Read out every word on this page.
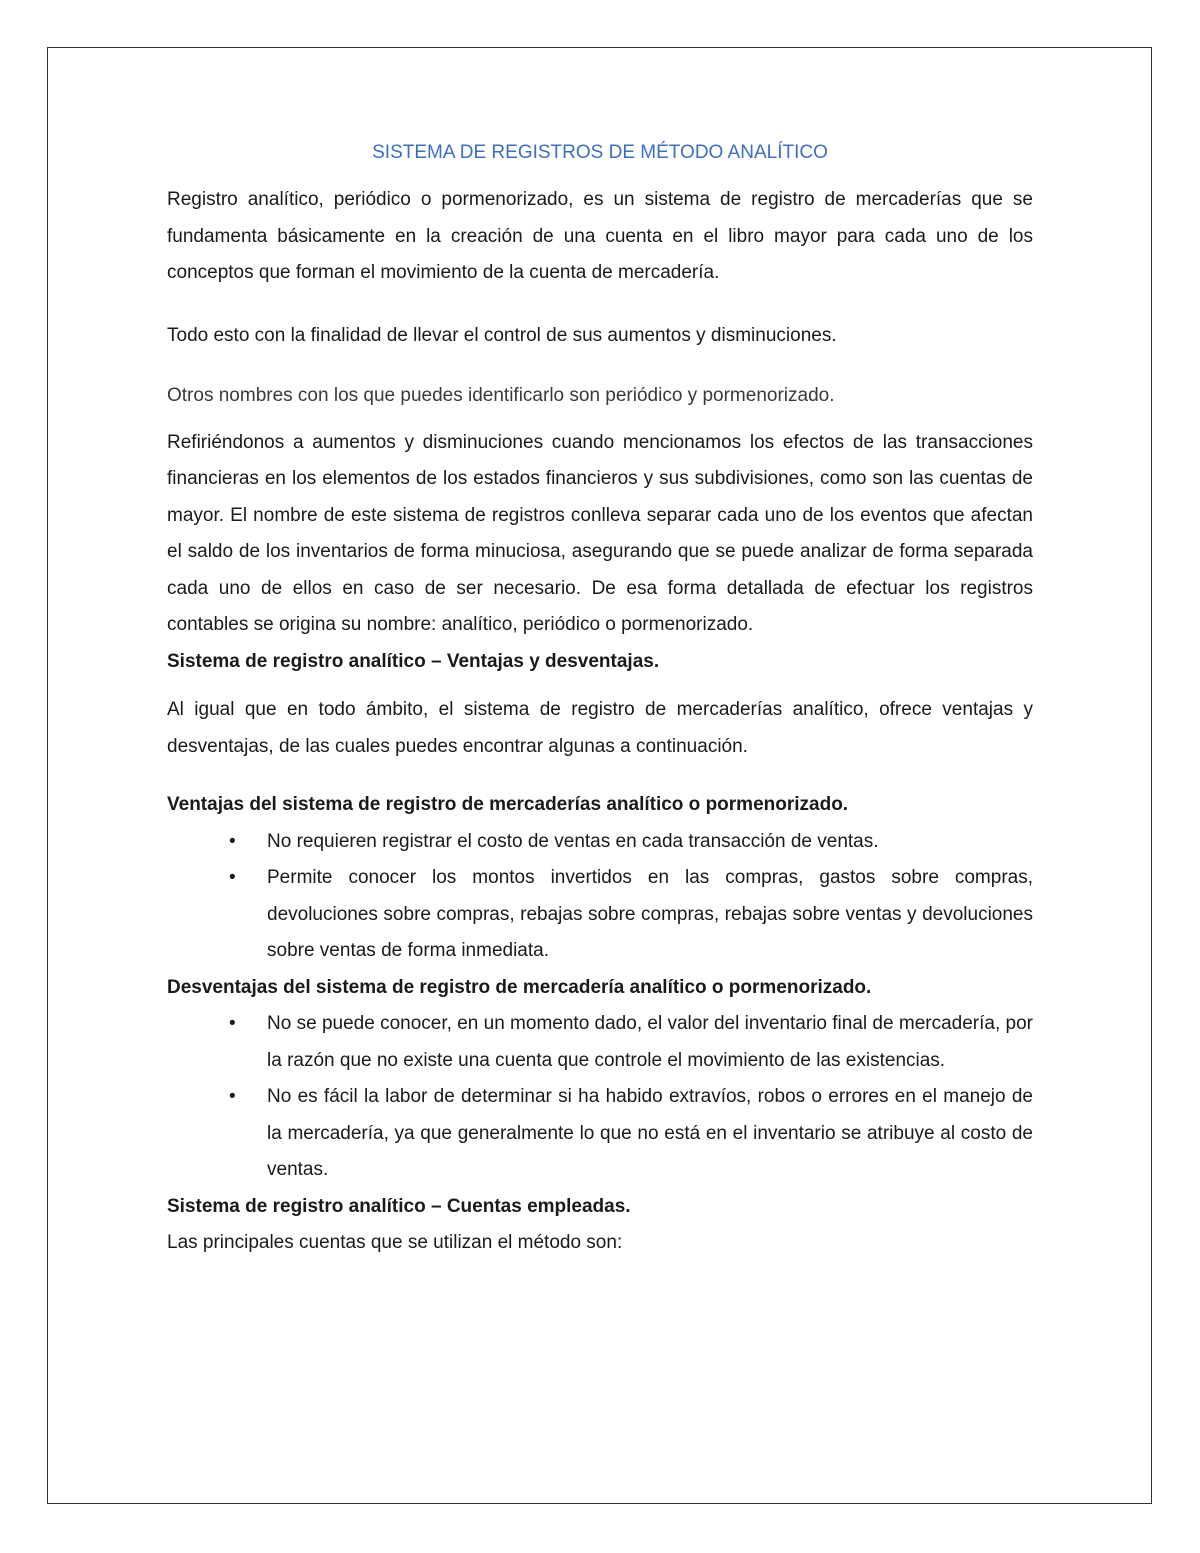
SISTEMA DE REGISTROS DE MÉTODO ANALÍTICO

Registro analítico, periódico o pormenorizado, es un sistema de registro de mercaderías que se fundamenta básicamente en la creación de una cuenta en el libro mayor para cada uno de los conceptos que forman el movimiento de la cuenta de mercadería.

Todo esto con la finalidad de llevar el control de sus aumentos y disminuciones.

Otros nombres con los que puedes identificarlo son periódico y pormenorizado.

Refiriéndonos a aumentos y disminuciones cuando mencionamos los efectos de las transacciones financieras en los elementos de los estados financieros y sus subdivisiones, como son las cuentas de mayor. El nombre de este sistema de registros conlleva separar cada uno de los eventos que afectan el saldo de los inventarios de forma minuciosa, asegurando que se puede analizar de forma separada cada uno de ellos en caso de ser necesario. De esa forma detallada de efectuar los registros contables se origina su nombre: analítico, periódico o pormenorizado.

Sistema de registro analítico – Ventajas y desventajas.

Al igual que en todo ámbito, el sistema de registro de mercaderías analítico, ofrece ventajas y desventajas, de las cuales puedes encontrar algunas a continuación.

Ventajas del sistema de registro de mercaderías analítico o pormenorizado.
• No requieren registrar el costo de ventas en cada transacción de ventas.
• Permite conocer los montos invertidos en las compras, gastos sobre compras, devoluciones sobre compras, rebajas sobre compras, rebajas sobre ventas y devoluciones sobre ventas de forma inmediata.
Desventajas del sistema de registro de mercadería analítico o pormenorizado.
• No se puede conocer, en un momento dado, el valor del inventario final de mercadería, por la razón que no existe una cuenta que controle el movimiento de las existencias.
• No es fácil la labor de determinar si ha habido extravíos, robos o errores en el manejo de la mercadería, ya que generalmente lo que no está en el inventario se atribuye al costo de ventas.
Sistema de registro analítico – Cuentas empleadas.

Las principales cuentas que se utilizan el método son:
